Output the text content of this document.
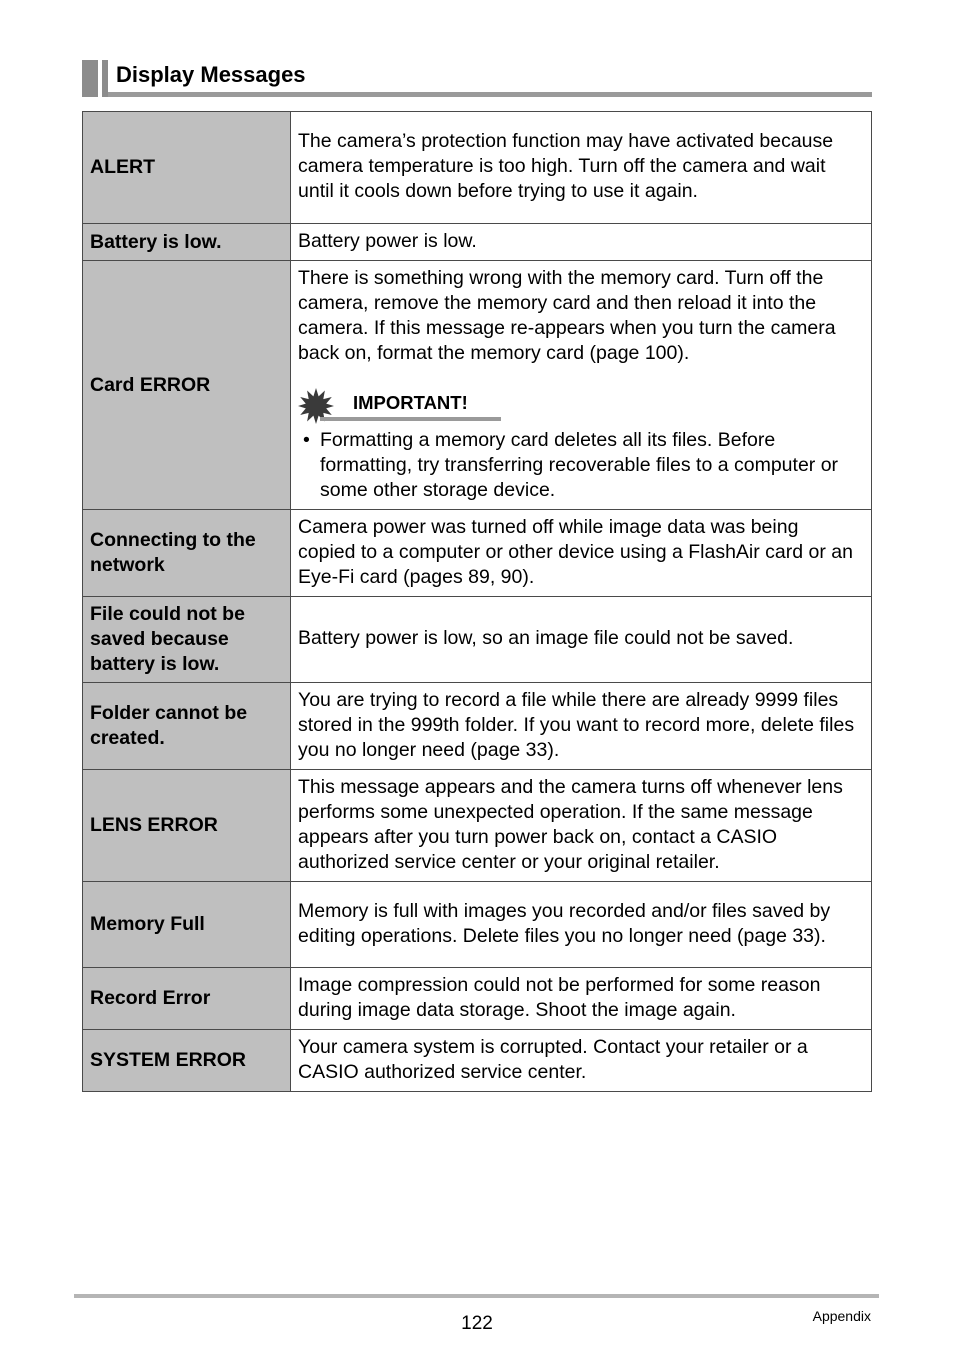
Display Messages
ALERT	The camera’s protection function may have activated because camera temperature is too high. Turn off the camera and wait until it cools down before trying to use it again.
Battery is low.	Battery power is low.
Card ERROR	There is something wrong with the memory card. Turn off the camera, remove the memory card and then reload it into the camera. If this message re-appears when you turn the camera back on, format the memory card (page 100).
IMPORTANT!
• Formatting a memory card deletes all its files. Before formatting, try transferring recoverable files to a computer or some other storage device.

Connecting to the network	Camera power was turned off while image data was being copied to a computer or other device using a FlashAir card or an Eye-Fi card (pages 89, 90).
File could not be saved because battery is low.	Battery power is low, so an image file could not be saved.
Folder cannot be created.	You are trying to record a file while there are already 9999 files stored in the 999th folder. If you want to record more, delete files you no longer need (page 33).
LENS ERROR	This message appears and the camera turns off whenever lens performs some unexpected operation. If the same message appears after you turn power back on, contact a CASIO authorized service center or your original retailer.
Memory Full	Memory is full with images you recorded and/or files saved by editing operations. Delete files you no longer need (page 33).
Record Error	Image compression could not be performed for some reason during image data storage. Shoot the image again.
SYSTEM ERROR	Your camera system is corrupted. Contact your retailer or a CASIO authorized service center.
122	Appendix
